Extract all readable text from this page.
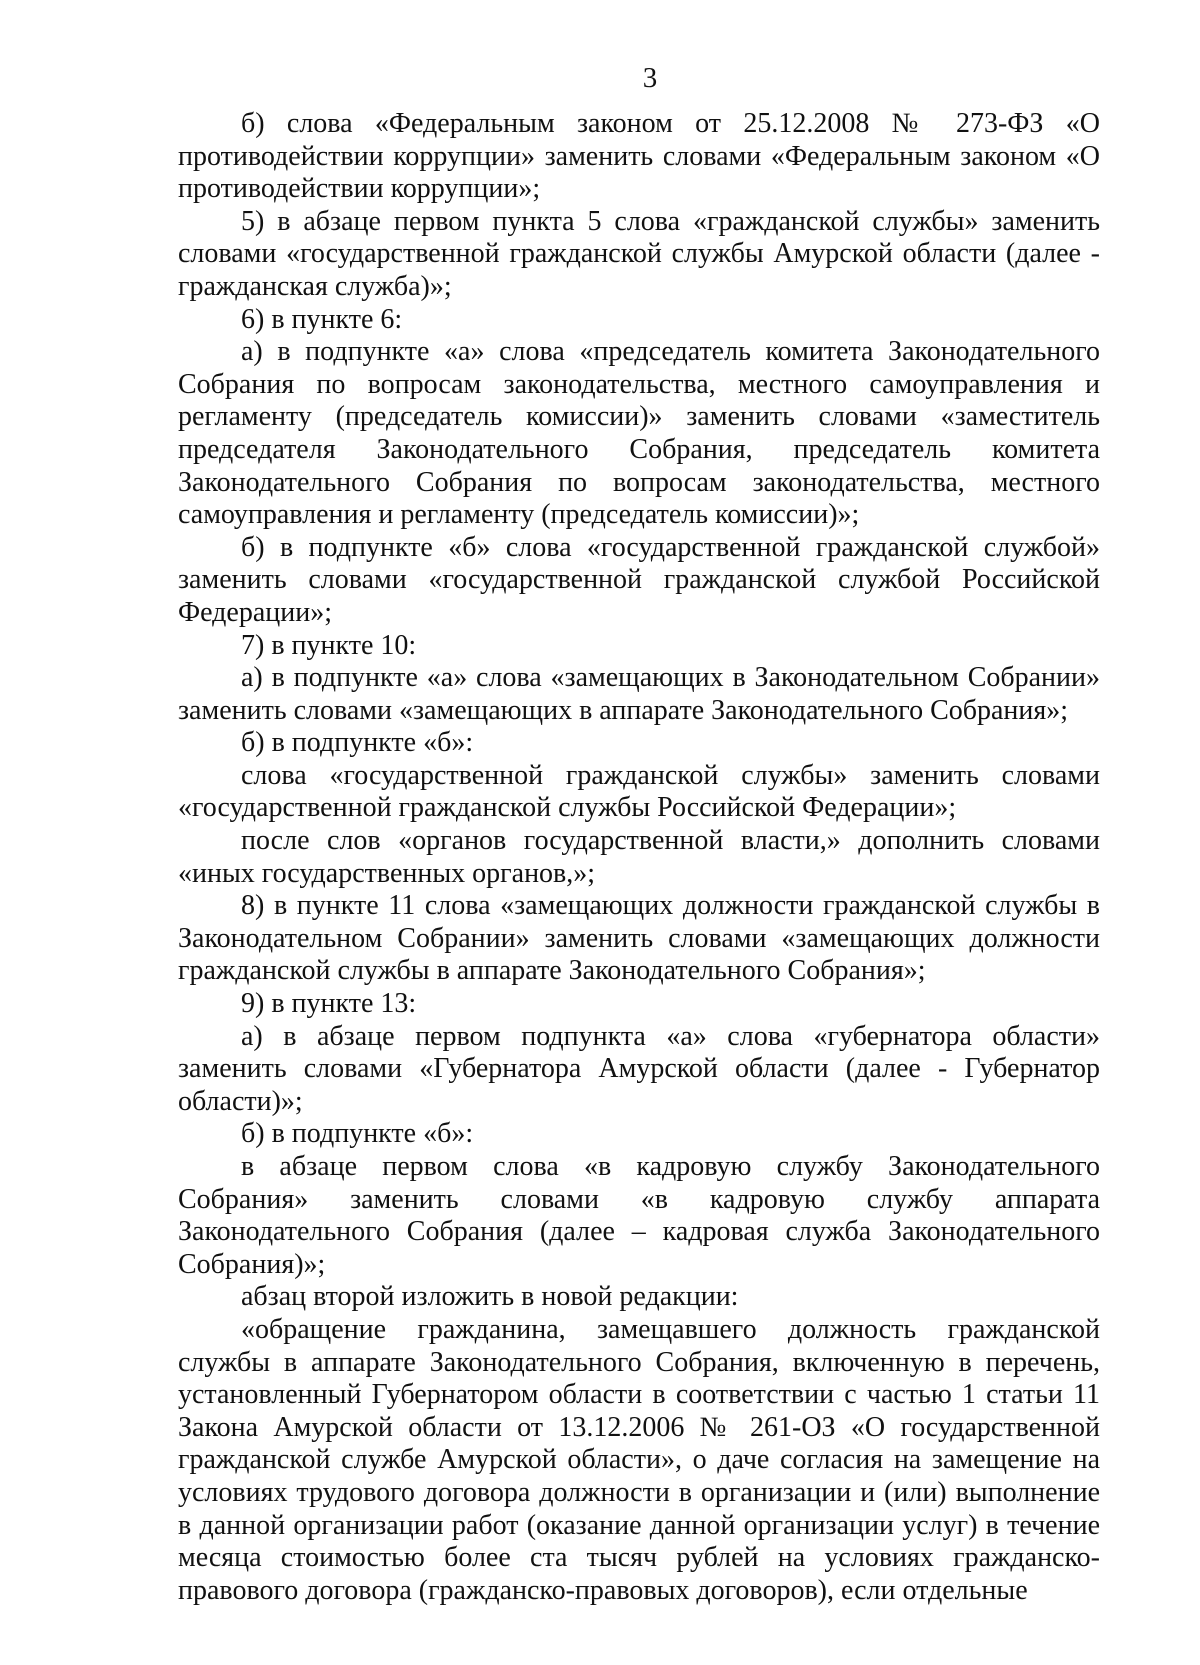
3

б) слова «Федеральным законом от 25.12.2008 № 273-ФЗ «О противодействии коррупции» заменить словами «Федеральным законом «О противодействии коррупции»;

5) в абзаце первом пункта 5 слова «гражданской службы» заменить словами «государственной гражданской службы Амурской области (далее - гражданская служба)»;

6) в пункте 6:

а) в подпункте «а» слова «председатель комитета Законодательного Собрания по вопросам законодательства, местного самоуправления и регламенту (председатель комиссии)» заменить словами «заместитель председателя Законодательного Собрания, председатель комитета Законодательного Собрания по вопросам законодательства, местного самоуправления и регламенту (председатель комиссии)»;

б) в подпункте «б» слова «государственной гражданской службой» заменить словами «государственной гражданской службой Российской Федерации»;

7) в пункте 10:

а) в подпункте «а» слова «замещающих в Законодательном Собрании» заменить словами «замещающих в аппарате Законодательного Собрания»;

б) в подпункте «б»:

слова «государственной гражданской службы» заменить словами «государственной гражданской службы Российской Федерации»;

после слов «органов государственной власти,» дополнить словами «иных государственных органов,»;

8) в пункте 11 слова «замещающих должности гражданской службы в Законодательном Собрании» заменить словами «замещающих должности гражданской службы в аппарате Законодательного Собрания»;

9) в пункте 13:

а) в абзаце первом подпункта «а» слова «губернатора области» заменить словами «Губернатора Амурской области (далее - Губернатор области)»;

б) в подпункте «б»:

в абзаце первом слова «в кадровую службу Законодательного Собрания» заменить словами «в кадровую службу аппарата Законодательного Собрания (далее – кадровая служба Законодательного Собрания)»;

абзац второй изложить в новой редакции:

«обращение гражданина, замещавшего должность гражданской службы в аппарате Законодательного Собрания, включенную в перечень, установленный Губернатором области в соответствии с частью 1 статьи 11 Закона Амурской области от 13.12.2006 № 261-ОЗ «О государственной гражданской службе Амурской области», о даче согласия на замещение на условиях трудового договора должности в организации и (или) выполнение в данной организации работ (оказание данной организации услуг) в течение месяца стоимостью более ста тысяч рублей на условиях гражданско-правового договора (гражданско-правовых договоров), если отдельные
